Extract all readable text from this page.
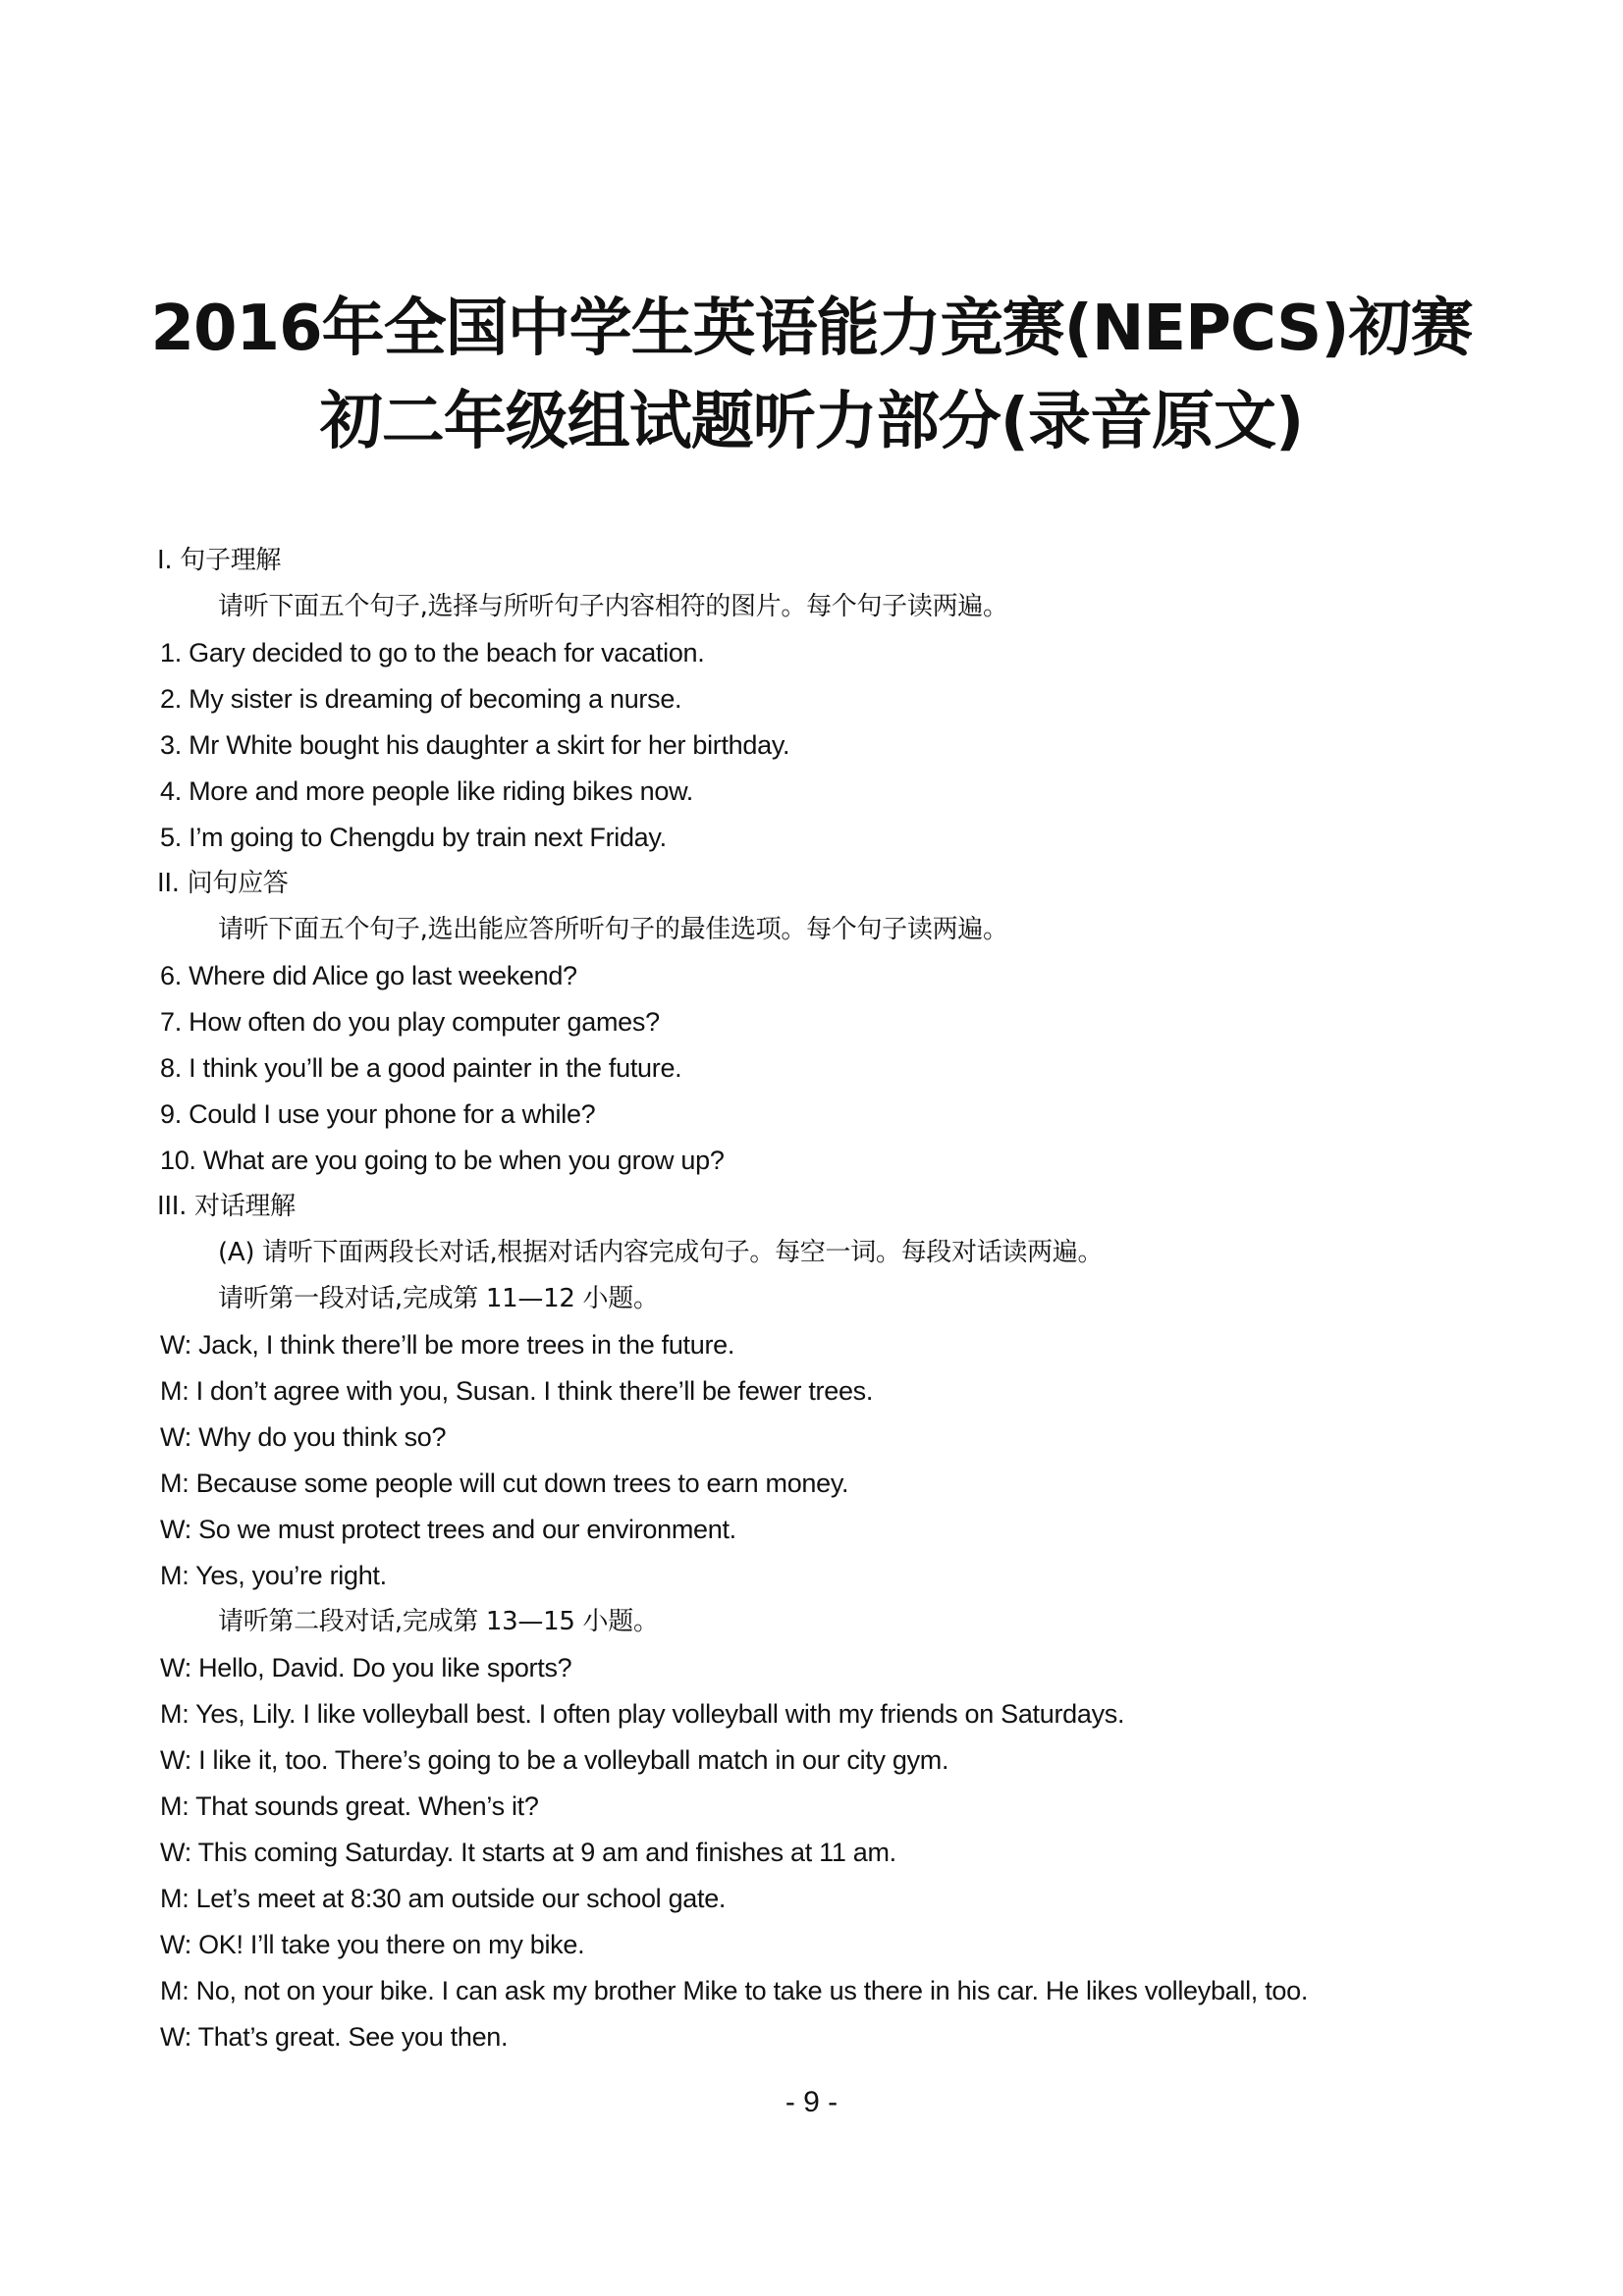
2016年全国中学生英语能力竞赛(NEPCS)初赛
初二年级组试题听力部分(录音原文)
I. 句子理解
请听下面五个句子,选择与所听句子内容相符的图片。每个句子读两遍。
1. Gary decided to go to the beach for vacation.
2. My sister is dreaming of becoming a nurse.
3. Mr White bought his daughter a skirt for her birthday.
4. More and more people like riding bikes now.
5. I’m going to Chengdu by train next Friday.
II. 问句应答
请听下面五个句子,选出能应答所听句子的最佳选项。每个句子读两遍。
6. Where did Alice go last weekend?
7. How often do you play computer games?
8. I think you’ll be a good painter in the future.
9. Could I use your phone for a while?
10. What are you going to be when you grow up?
III. 对话理解
(A) 请听下面两段长对话,根据对话内容完成句子。每空一词。每段对话读两遍。
请听第一段对话,完成第 11—12 小题。
W: Jack, I think there’ll be more trees in the future.
M: I don’t agree with you, Susan. I think there’ll be fewer trees.
W: Why do you think so?
M: Because some people will cut down trees to earn money.
W: So we must protect trees and our environment.
M: Yes, you’re right.
请听第二段对话,完成第 13—15 小题。
W: Hello, David. Do you like sports?
M: Yes, Lily. I like volleyball best. I often play volleyball with my friends on Saturdays.
W: I like it, too. There’s going to be a volleyball match in our city gym.
M: That sounds great. When’s it?
W: This coming Saturday. It starts at 9 am and finishes at 11 am.
M: Let’s meet at 8:30 am outside our school gate.
W: OK! I’ll take you there on my bike.
M: No, not on your bike. I can ask my brother Mike to take us there in his car. He likes volleyball, too.
W: That’s great. See you then.
- 9 -
